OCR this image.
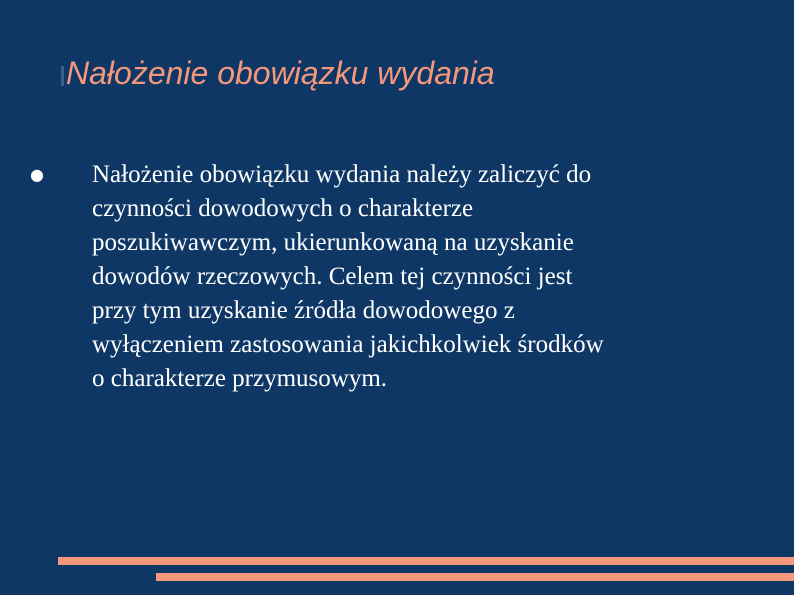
Nałożenie obowiązku wydania
● Nałożenie obowiązku wydania należy zaliczyć do
czynności dowodowych o charakterze
poszukiwawczym, ukierunkowaną na uzyskanie
dowodów rzeczowych. Celem tej czynności jest
przy tym uzyskanie źródła dowodowego z
wyłączeniem zastosowania jakichkolwiek środków
o charakterze przymusowym.
